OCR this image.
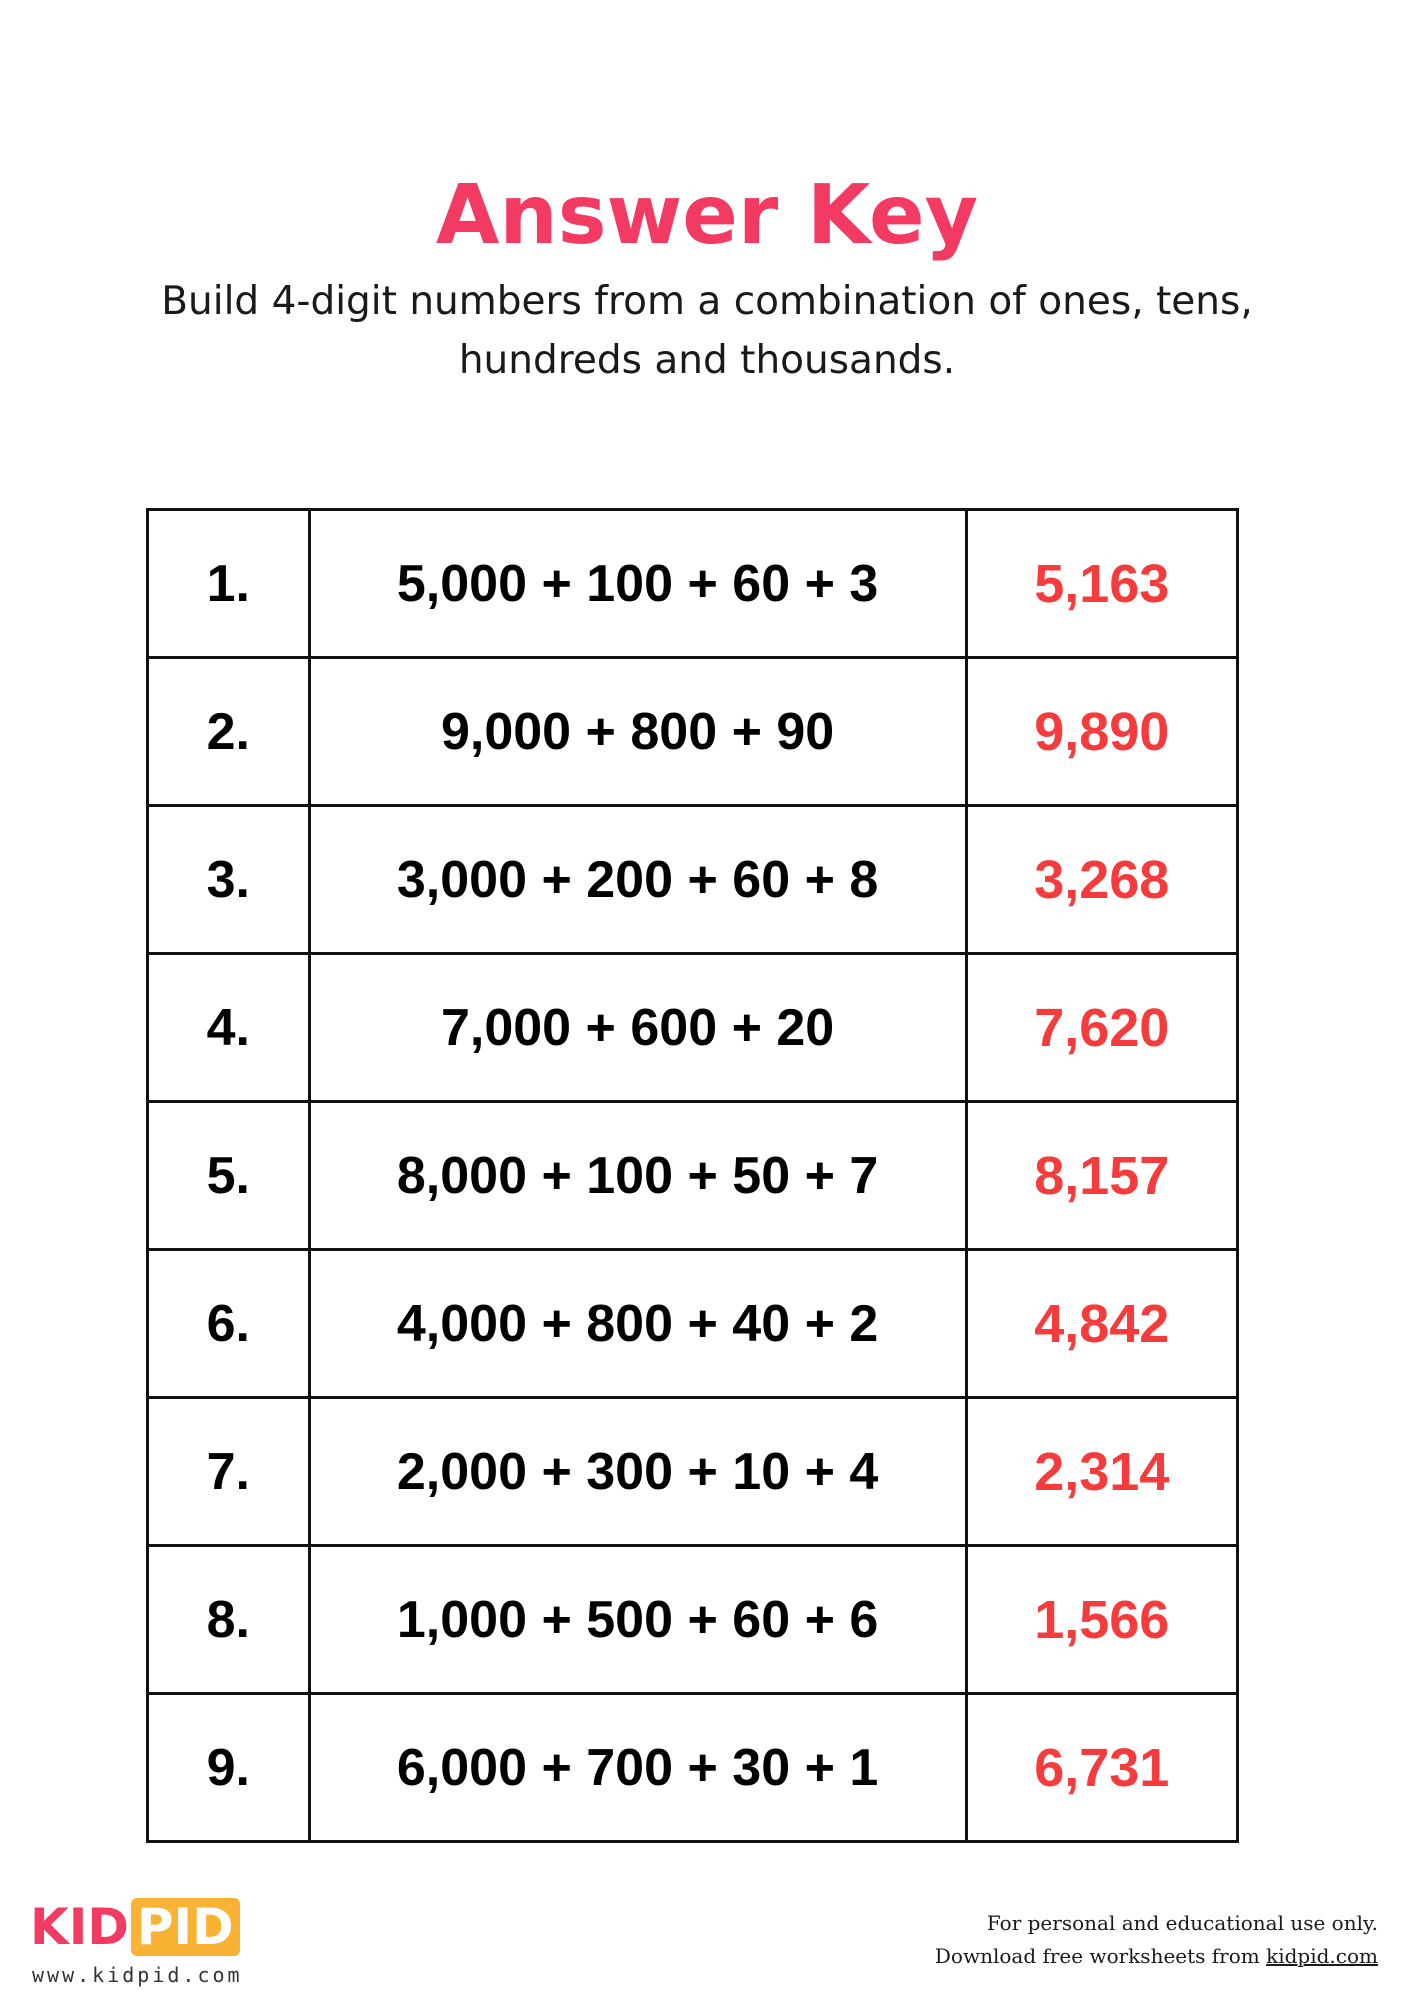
Answer Key
Build 4-digit numbers from a combination of ones, tens,
hundreds and thousands.
1.	5,000 + 100 + 60 + 3	5,163
2.	9,000 + 800 + 90	9,890
3.	3,000 + 200 + 60 + 8	3,268
4.	7,000 + 600 + 20	7,620
5.	8,000 + 100 + 50 + 7	8,157
6.	4,000 + 800 + 40 + 2	4,842
7.	2,000 + 300 + 10 + 4	2,314
8.	1,000 + 500 + 60 + 6	1,566
9.	6,000 + 700 + 30 + 1	6,731
KID PID
www.kidpid.com
For personal and educational use only.
Download free worksheets from kidpid.com
